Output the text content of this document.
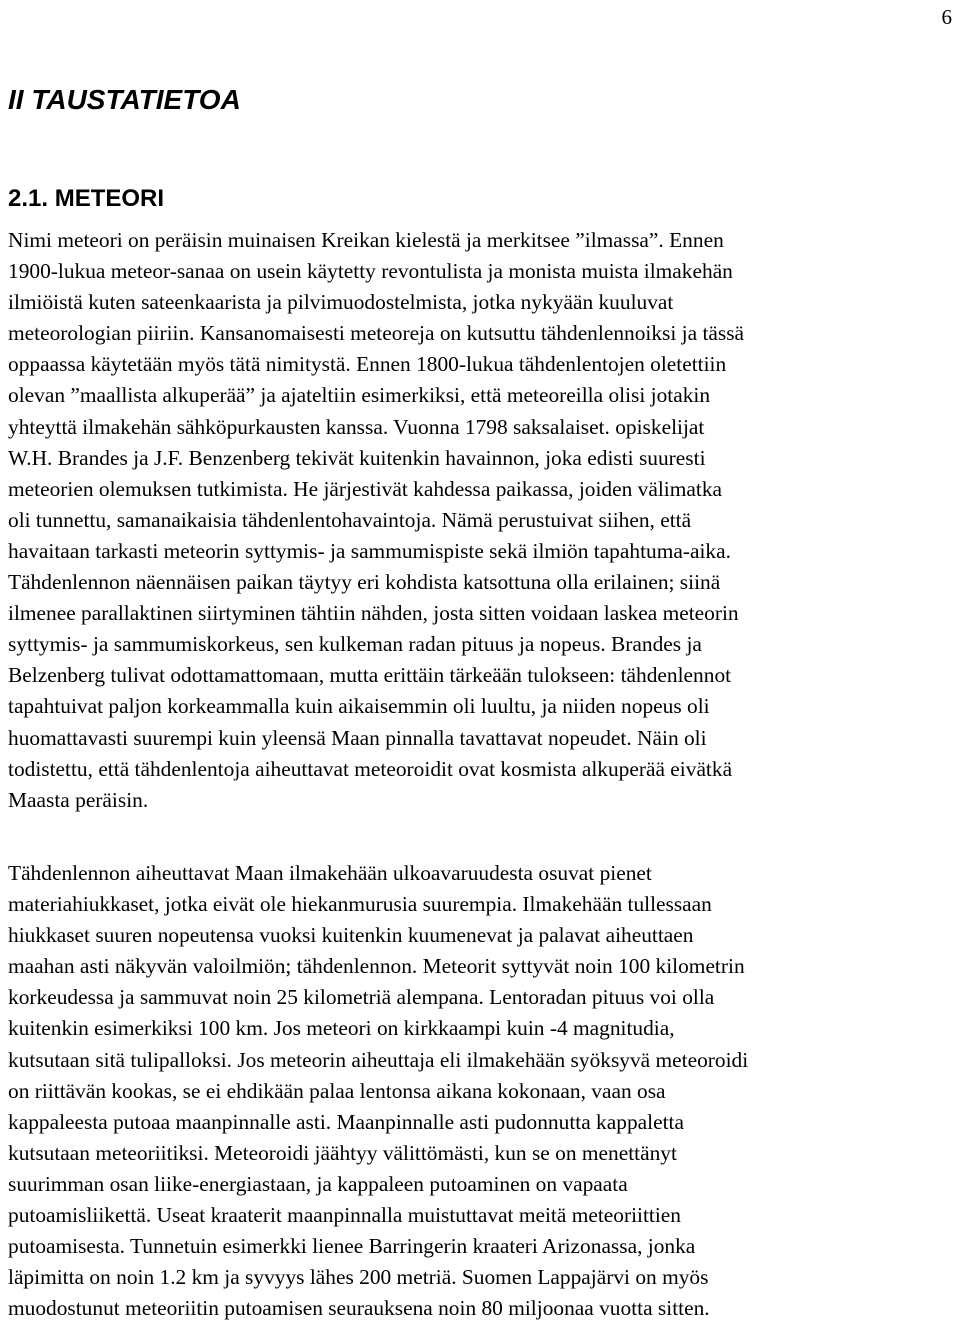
6
II TAUSTATIETOA
2.1. METEORI

Nimi meteori on peräisin muinaisen Kreikan kielestä ja merkitsee ”ilmassa”. Ennen
1900-lukua meteor-sanaa on usein käytetty revontulista ja monista muista ilmakehän
ilmiöistä kuten sateenkaarista ja pilvimuodostelmista, jotka nykyään kuuluvat
meteorologian piiriin. Kansanomaisesti meteoreja on kutsuttu tähdenlennoiksi ja tässä
oppaassa käytetään myös tätä nimitystä. Ennen 1800-lukua tähdenlentojen oletettiin
olevan ”maallista alkuperää” ja ajateltiin esimerkiksi, että meteoreilla olisi jotakin
yhteyttä ilmakehän sähköpurkausten kanssa. Vuonna 1798 saksalaiset. opiskelijat
W.H. Brandes ja J.F. Benzenberg tekivät kuitenkin havainnon, joka edisti suuresti
meteorien olemuksen tutkimista. He järjestivät kahdessa paikassa, joiden välimatka
oli tunnettu, samanaikaisia tähdenlentohavaintoja. Nämä perustuivat siihen, että
havaitaan tarkasti meteorin syttymis- ja sammumispiste sekä ilmiön tapahtuma-aika.
Tähdenlennon näennäisen paikan täytyy eri kohdista katsottuna olla erilainen; siinä
ilmenee parallaktinen siirtyminen tähtiin nähden, josta sitten voidaan laskea meteorin
syttymis- ja sammumiskorkeus, sen kulkeman radan pituus ja nopeus. Brandes ja
Belzenberg tulivat odottamattomaan, mutta erittäin tärkeään tulokseen: tähdenlennot
tapahtuivat paljon korkeammalla kuin aikaisemmin oli luultu, ja niiden nopeus oli
huomattavasti suurempi kuin yleensä Maan pinnalla tavattavat nopeudet. Näin oli
todistettu, että tähdenlentoja aiheuttavat meteoroidit ovat kosmista alkuperää eivätkä
Maasta peräisin.

Tähdenlennon aiheuttavat Maan ilmakehään ulkoavaruudesta osuvat pienet
materiahiukkaset, jotka eivät ole hiekanmurusia suurempia. Ilmakehään tullessaan
hiukkaset suuren nopeutensa vuoksi kuitenkin kuumenevat ja palavat aiheuttaen
maahan asti näkyvän valoilmiön; tähdenlennon. Meteorit syttyvät noin 100 kilometrin
korkeudessa ja sammuvat noin 25 kilometriä alempana. Lentoradan pituus voi olla
kuitenkin esimerkiksi 100 km. Jos meteori on kirkkaampi kuin -4 magnitudia,
kutsutaan sitä tulipalloksi. Jos meteorin aiheuttaja eli ilmakehään syöksyvä meteoroidi
on riittävän kookas, se ei ehdikään palaa lentonsa aikana kokonaan, vaan osa
kappaleesta putoaa maanpinnalle asti. Maanpinnalle asti pudonnutta kappaletta
kutsutaan meteoriitiksi. Meteoroidi jäähtyy välittömästi, kun se on menettänyt
suurimman osan liike-energiastaan, ja kappaleen putoaminen on vapaata
putoamisliikettä. Useat kraaterit maanpinnalla muistuttavat meitä meteoriittien
putoamisesta. Tunnetuin esimerkki lienee Barringerin kraateri Arizonassa, jonka
läpimitta on noin 1.2 km ja syvyys lähes 200 metriä. Suomen Lappajärvi on myös
muodostunut meteoriitin putoamisen seurauksena noin 80 miljoonaa vuotta sitten.
